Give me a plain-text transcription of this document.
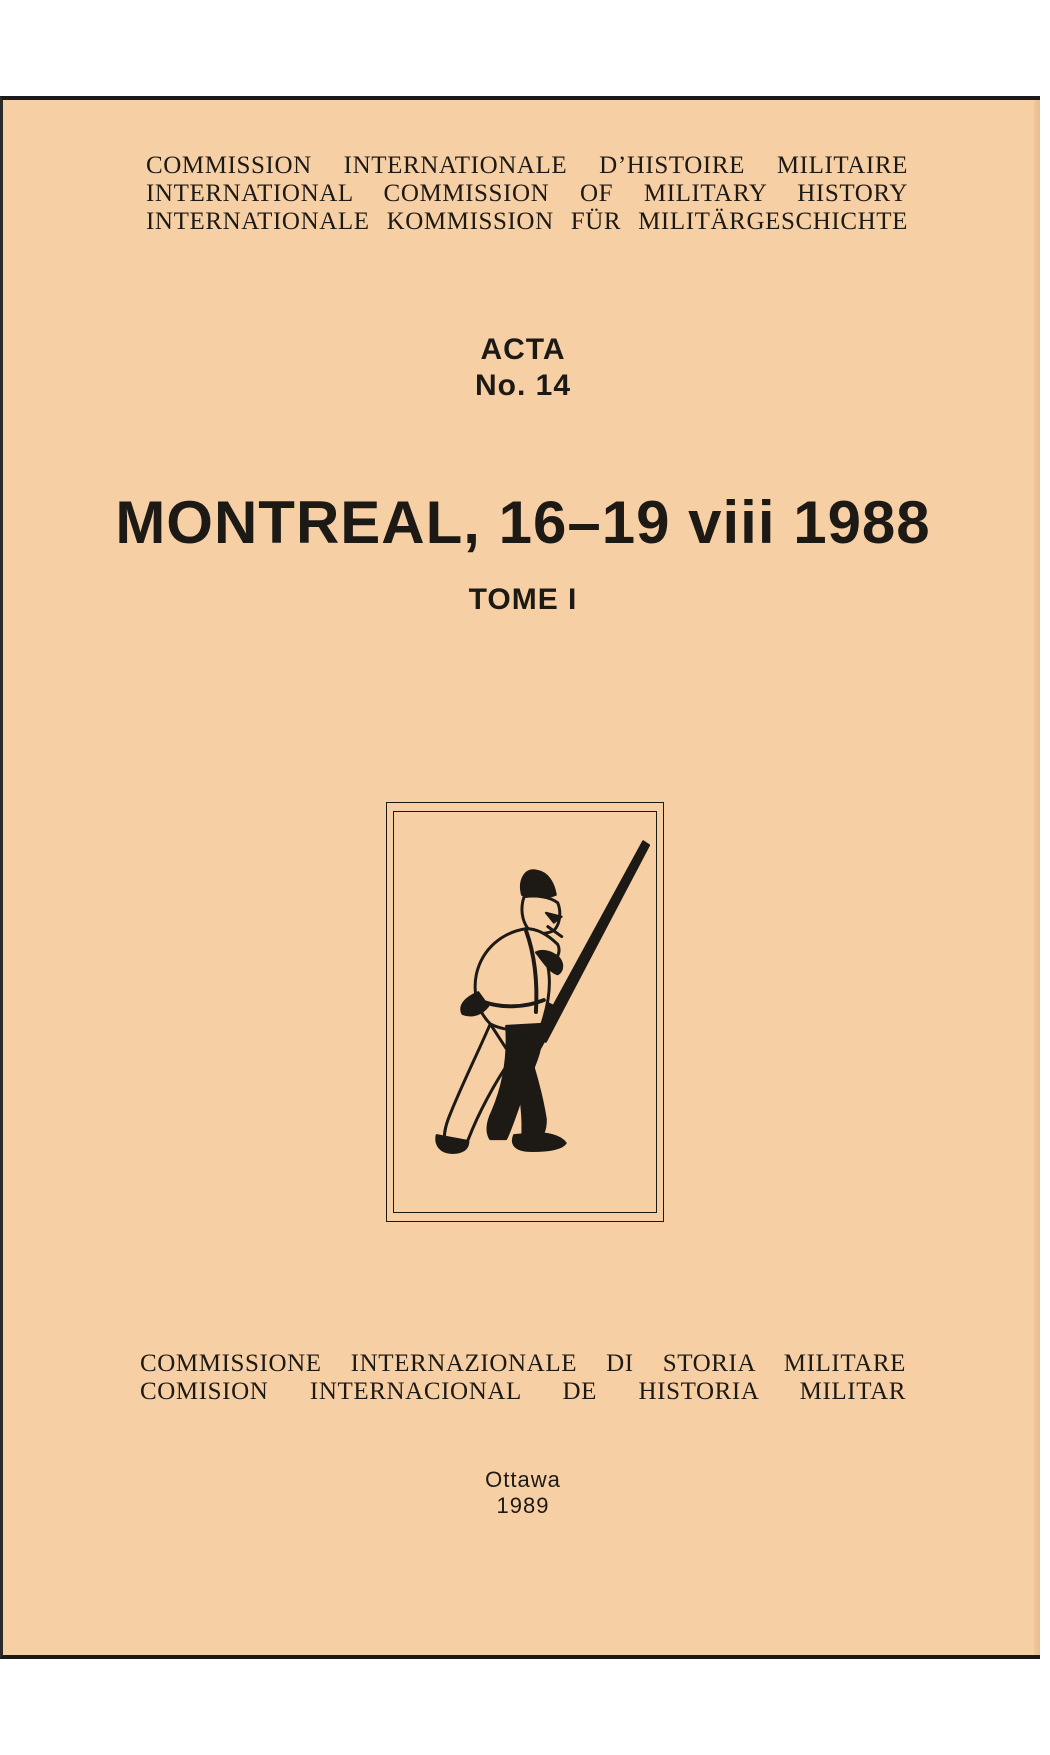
COMMISSION INTERNATIONALE D’HISTOIRE MILITAIRE
INTERNATIONAL COMMISSION OF MILITARY HISTORY
INTERNATIONALE KOMMISSION FÜR MILITÄRGESCHICHTE
ACTA
No. 14
MONTREAL, 16–19 viii 1988
TOME I
COMMISSIONE INTERNAZIONALE DI STORIA MILITARE
COMISION INTERNACIONAL DE HISTORIA MILITAR
Ottawa
1989
